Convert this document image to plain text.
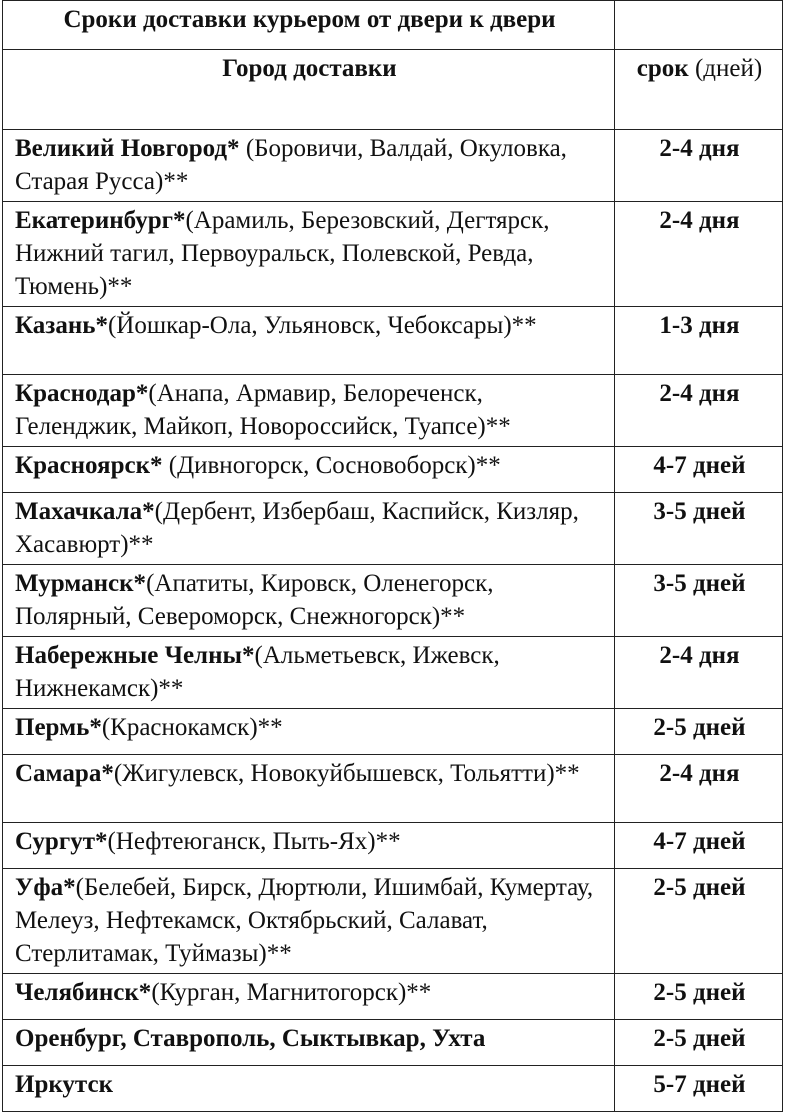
Сроки доставки курьером от двери к двери	
Город доставки	срок (дней)
Великий Новгород* (Боровичи, Валдай, Окуловка, Старая Русса)**	2-4 дня
Екатеринбург*(Арамиль, Березовский, Дегтярск, Нижний тагил, Первоуральск, Полевской, Ревда, Тюмень)**	2-4 дня
Казань*(Йошкар-Ола, Ульяновск, Чебоксары)**	1-3 дня
Краснодар*(Анапа, Армавир, Белореченск, Геленджик, Майкоп, Новороссийск, Туапсе)**	2-4 дня
Красноярск* (Дивногорск, Сосновоборск)**	4-7 дней
Махачкала*(Дербент, Избербаш, Каспийск, Кизляр, Хасавюрт)**	3-5 дней
Мурманск*(Апатиты, Кировск, Оленегорск, Полярный, Североморск, Снежногорск)**	3-5 дней
Набережные Челны*(Альметьевск, Ижевск, Нижнекамск)**	2-4 дня
Пермь*(Краснокамск)**	2-5 дней
Самара*(Жигулевск, Новокуйбышевск, Тольятти)**	2-4 дня
Сургут*(Нефтеюганск, Пыть-Ях)**	4-7 дней
Уфа*(Белебей, Бирск, Дюртюли, Ишимбай, Кумертау, Мелеуз, Нефтекамск, Октябрьский, Салават, Стерлитамак, Туймазы)**	2-5 дней
Челябинск*(Курган, Магнитогорск)**	2-5 дней
Оренбург, Ставрополь, Сыктывкар, Ухта	2-5 дней
Иркутск	5-7 дней
